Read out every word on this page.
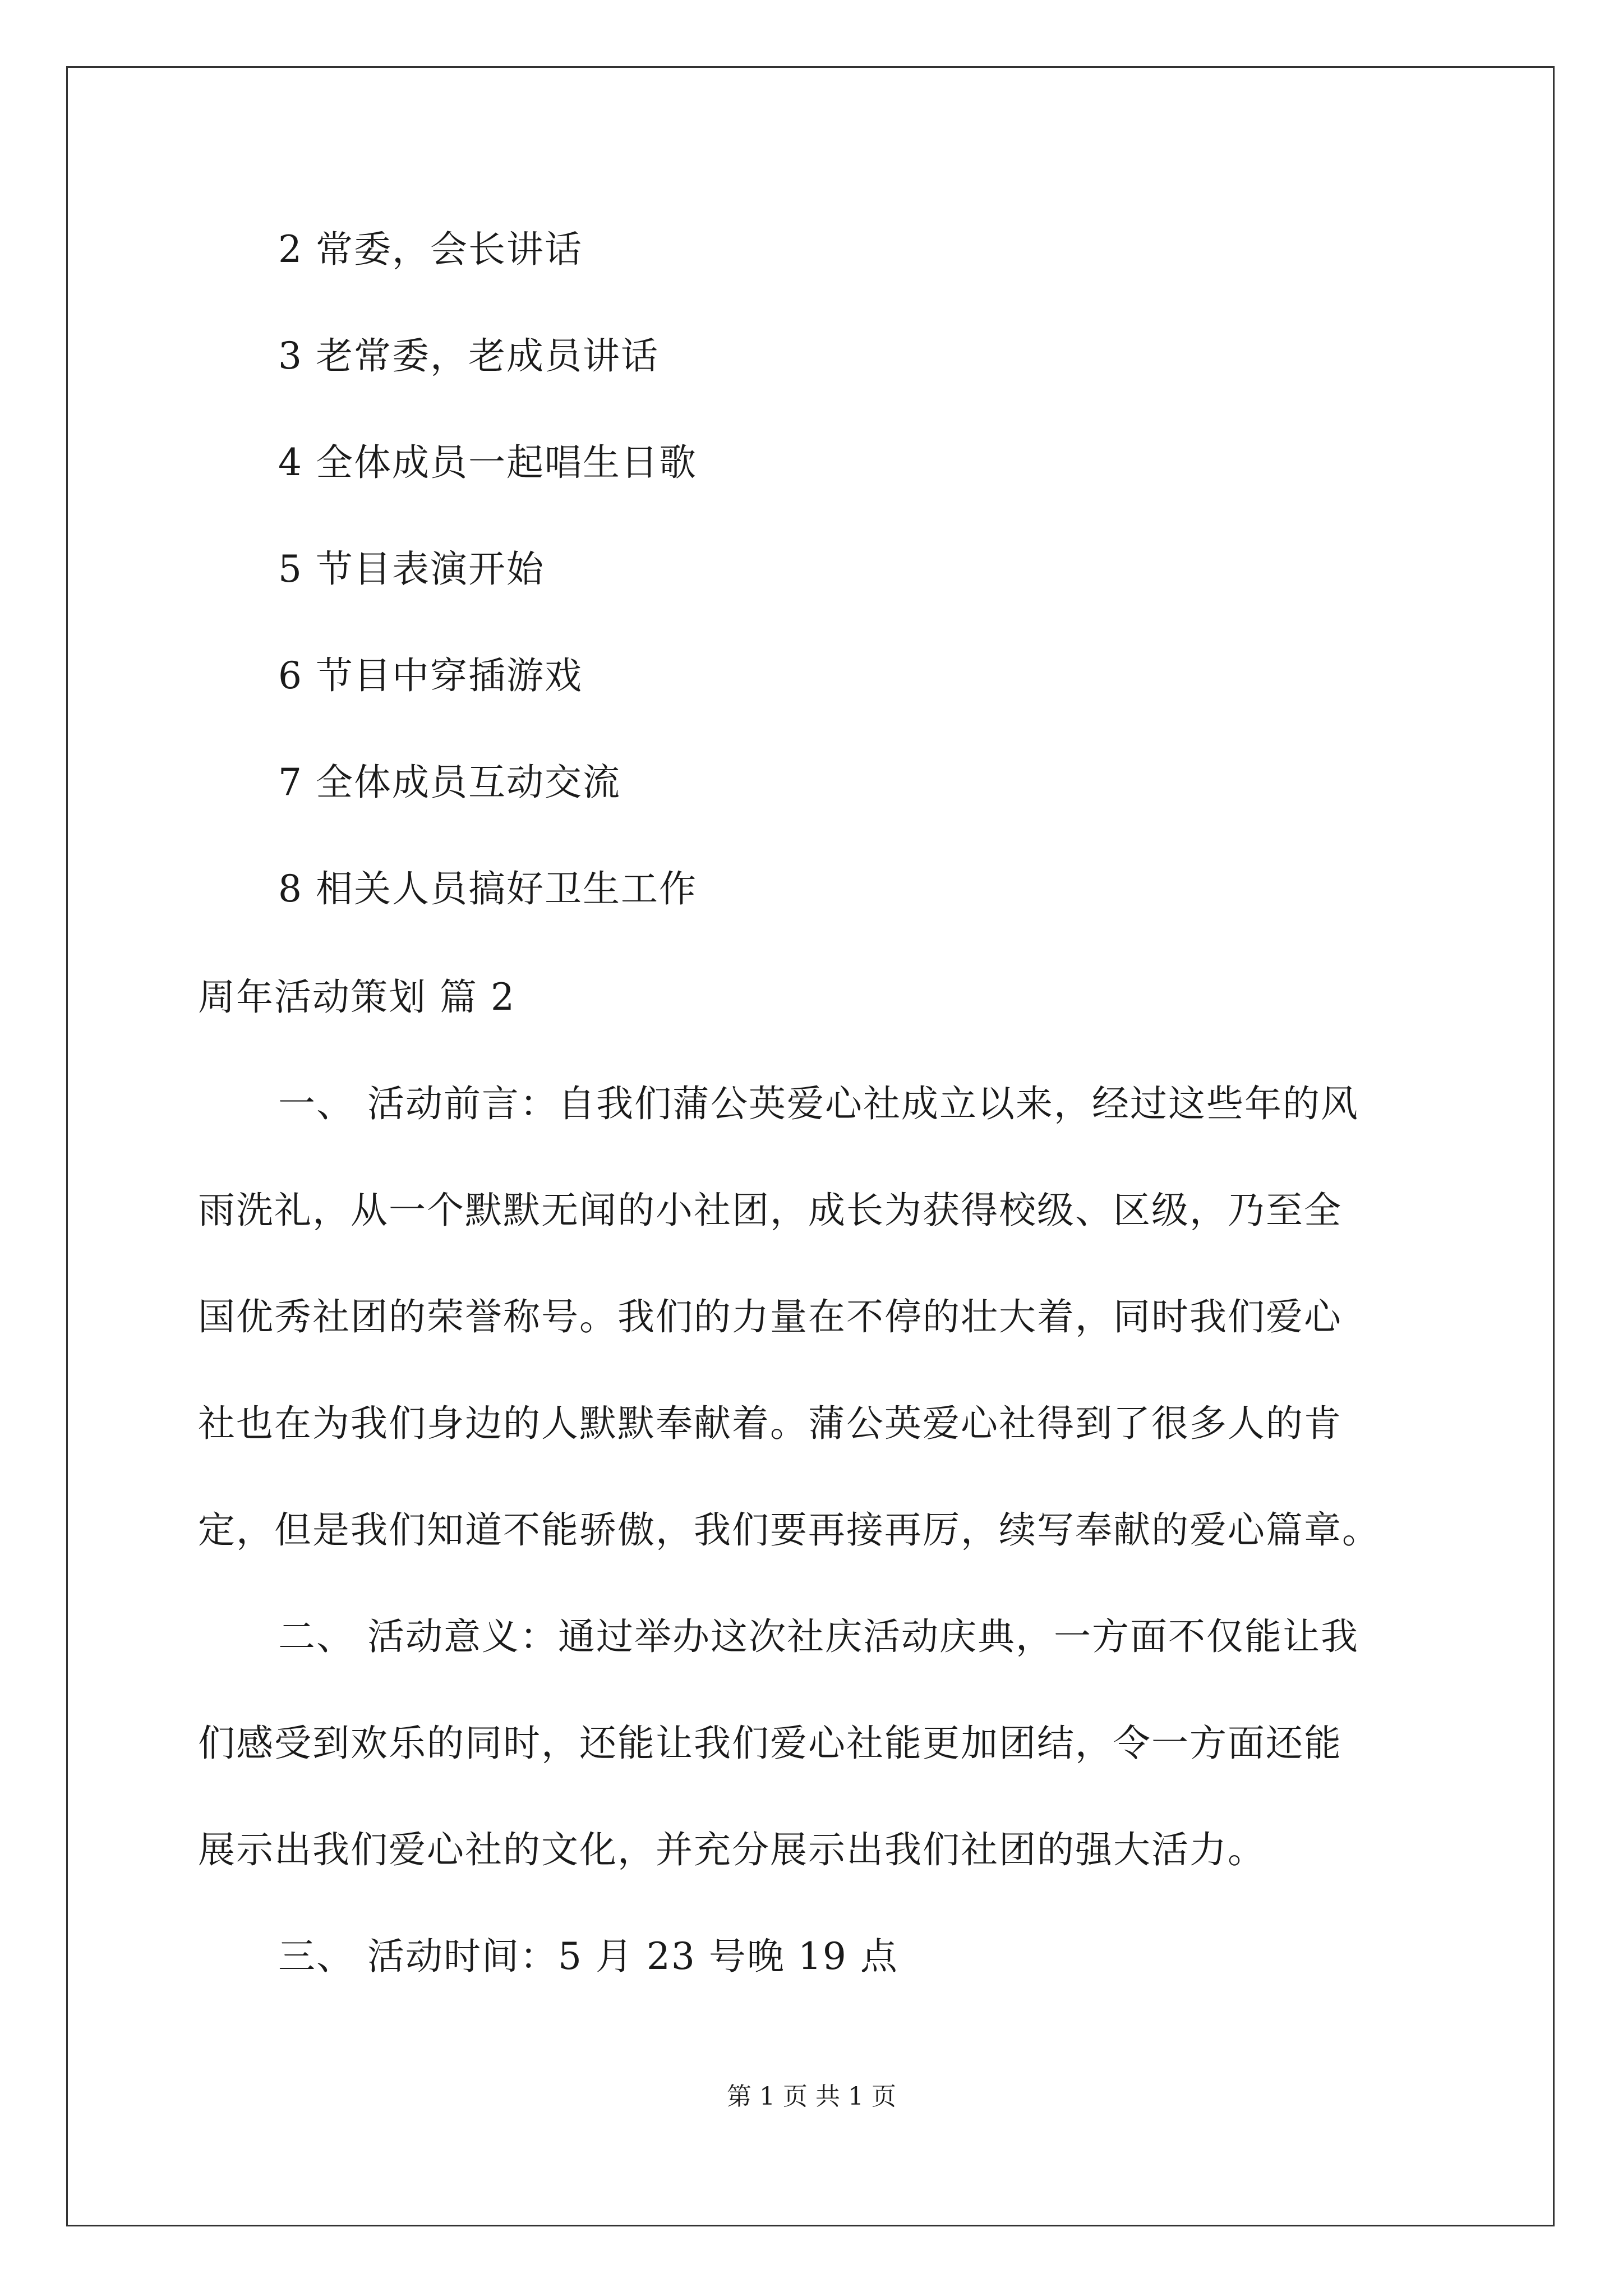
2 常委，会长讲话
3 老常委，老成员讲话
4 全体成员一起唱生日歌
5 节目表演开始
6 节目中穿插游戏
7 全体成员互动交流
8 相关人员搞好卫生工作
周年活动策划 篇 2
一、 活动前言：自我们蒲公英爱心社成立以来，经过这些年的风
雨洗礼，从一个默默无闻的小社团，成长为获得校级、区级，乃至全
国优秀社团的荣誉称号。我们的力量在不停的壮大着，同时我们爱心
社也在为我们身边的人默默奉献着。蒲公英爱心社得到了很多人的肯
定，但是我们知道不能骄傲，我们要再接再厉，续写奉献的爱心篇章。
二、 活动意义：通过举办这次社庆活动庆典，一方面不仅能让我
们感受到欢乐的同时，还能让我们爱心社能更加团结，令一方面还能
展示出我们爱心社的文化，并充分展示出我们社团的强大活力。
三、 活动时间：5 月 23 号晚 19 点
第 1 页 共 1 页
